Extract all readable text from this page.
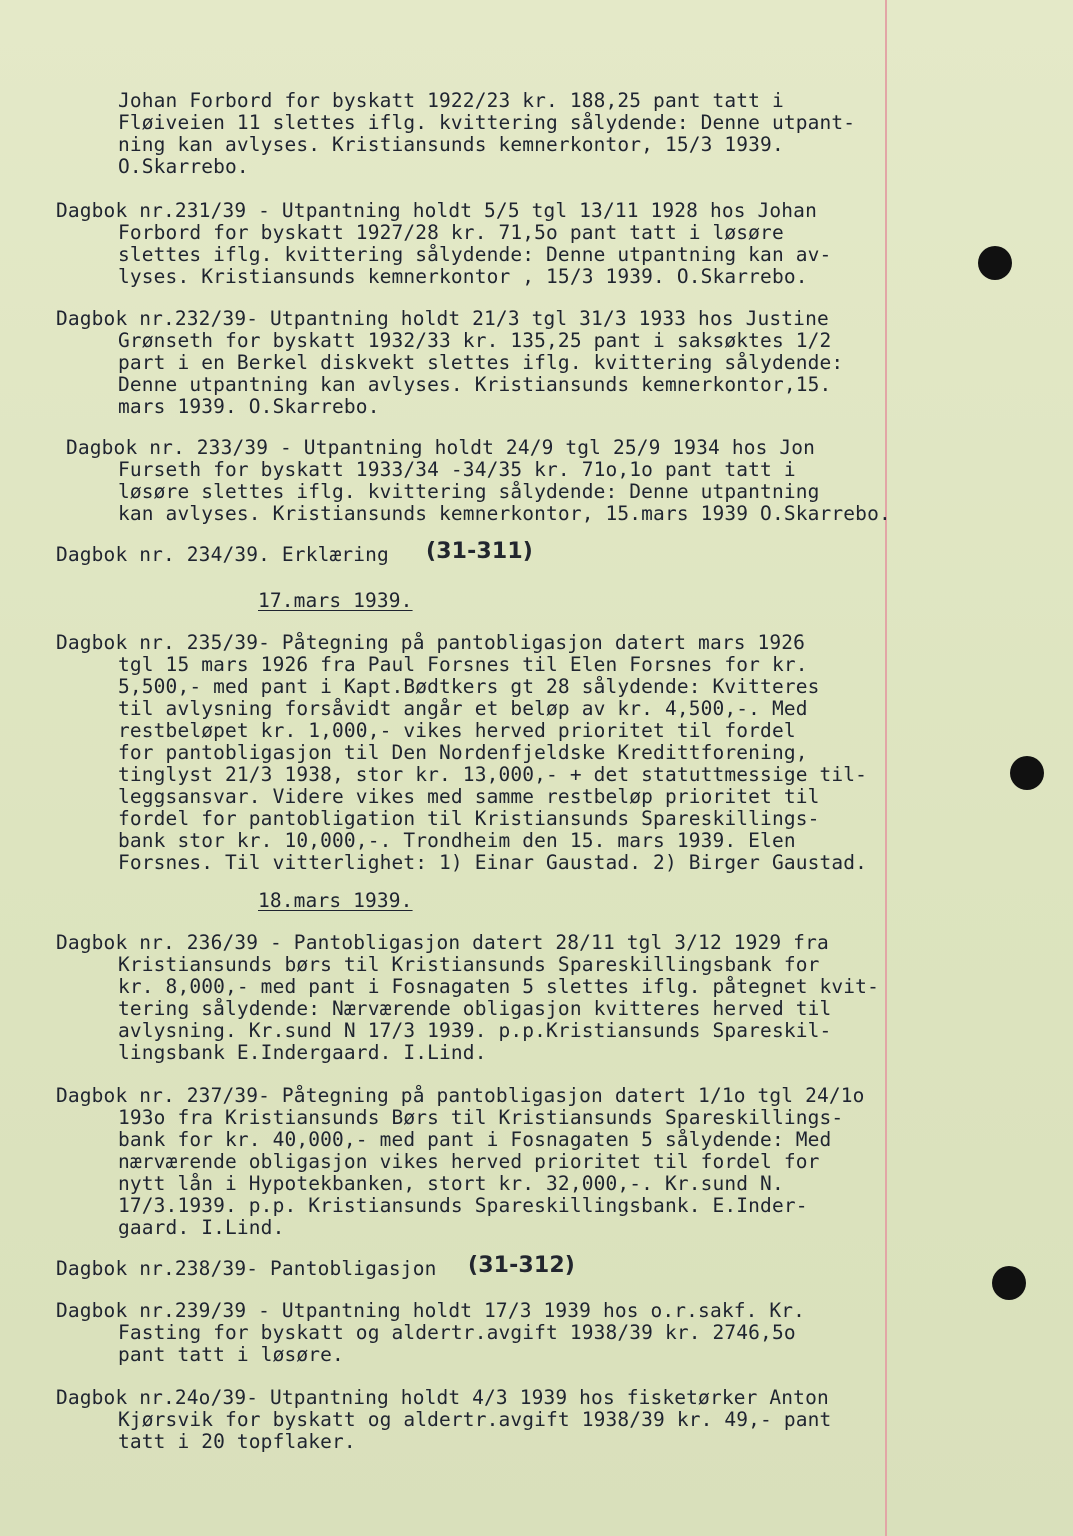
Johan Forbord for byskatt 1922/23 kr. 188,25 pant tatt i
Fløiveien 11 slettes iflg. kvittering sålydende: Denne utpant-
ning kan avlyses. Kristiansunds kemnerkontor, 15/3 1939.
O.Skarrebo.
Dagbok nr.231/39 - Utpantning holdt 5/5 tgl 13/11 1928 hos Johan
Forbord for byskatt 1927/28 kr. 71,5o pant tatt i løsøre
slettes iflg. kvittering sålydende: Denne utpantning kan av-
lyses. Kristiansunds kemnerkontor , 15/3 1939. O.Skarrebo.
Dagbok nr.232/39- Utpantning holdt 21/3 tgl 31/3 1933 hos Justine
Grønseth for byskatt 1932/33 kr. 135,25 pant i saksøktes 1/2
part i en Berkel diskvekt slettes iflg. kvittering sålydende:
Denne utpantning kan avlyses. Kristiansunds kemnerkontor,15.
mars 1939. O.Skarrebo.
Dagbok nr. 233/39 - Utpantning holdt 24/9 tgl 25/9 1934 hos Jon
Furseth for byskatt 1933/34 -34/35 kr. 71o,1o pant tatt i
løsøre slettes iflg. kvittering sålydende: Denne utpantning
kan avlyses. Kristiansunds kemnerkontor, 15.mars 1939 O.Skarrebo.
Dagbok nr. 234/39. Erklæring (31-311)
17.mars 1939.
Dagbok nr. 235/39- Påtegning på pantobligasjon datert mars 1926
tgl 15 mars 1926 fra Paul Forsnes til Elen Forsnes for kr.
5,500,- med pant i Kapt.Bødtkers gt 28 sålydende: Kvitteres
til avlysning forsåvidt angår et beløp av kr. 4,500,-. Med
restbeløpet kr. 1,000,- vikes herved prioritet til fordel
for pantobligasjon til Den Nordenfjeldske Kredittforening,
tinglyst 21/3 1938, stor kr. 13,000,- + det statuttmessige til-
leggsansvar. Videre vikes med samme restbeløp prioritet til
fordel for pantobligation til Kristiansunds Spareskillings-
bank stor kr. 10,000,-. Trondheim den 15. mars 1939. Elen
Forsnes. Til vitterlighet: 1) Einar Gaustad. 2) Birger Gaustad.
18.mars 1939.
Dagbok nr. 236/39 - Pantobligasjon datert 28/11 tgl 3/12 1929 fra
Kristiansunds børs til Kristiansunds Spareskillingsbank for
kr. 8,000,- med pant i Fosnagaten 5 slettes iflg. påtegnet kvit-
tering sålydende: Nærværende obligasjon kvitteres herved til
avlysning. Kr.sund N 17/3 1939. p.p.Kristiansunds Spareskil-
lingsbank E.Indergaard. I.Lind.
Dagbok nr. 237/39- Påtegning på pantobligasjon datert 1/1o tgl 24/1o
193o fra Kristiansunds Børs til Kristiansunds Spareskillings-
bank for kr. 40,000,- med pant i Fosnagaten 5 sålydende: Med
nærværende obligasjon vikes herved prioritet til fordel for
nytt lån i Hypotekbanken, stort kr. 32,000,-. Kr.sund N.
17/3.1939. p.p. Kristiansunds Spareskillingsbank. E.Inder-
gaard. I.Lind.
Dagbok nr.238/39- Pantobligasjon (31-312)
Dagbok nr.239/39 - Utpantning holdt 17/3 1939 hos o.r.sakf. Kr.
Fasting for byskatt og aldertr.avgift 1938/39 kr. 2746,5o
pant tatt i løsøre.
Dagbok nr.24o/39- Utpantning holdt 4/3 1939 hos fisketørker Anton
Kjørsvik for byskatt og aldertr.avgift 1938/39 kr. 49,- pant
tatt i 20 topflaker.
